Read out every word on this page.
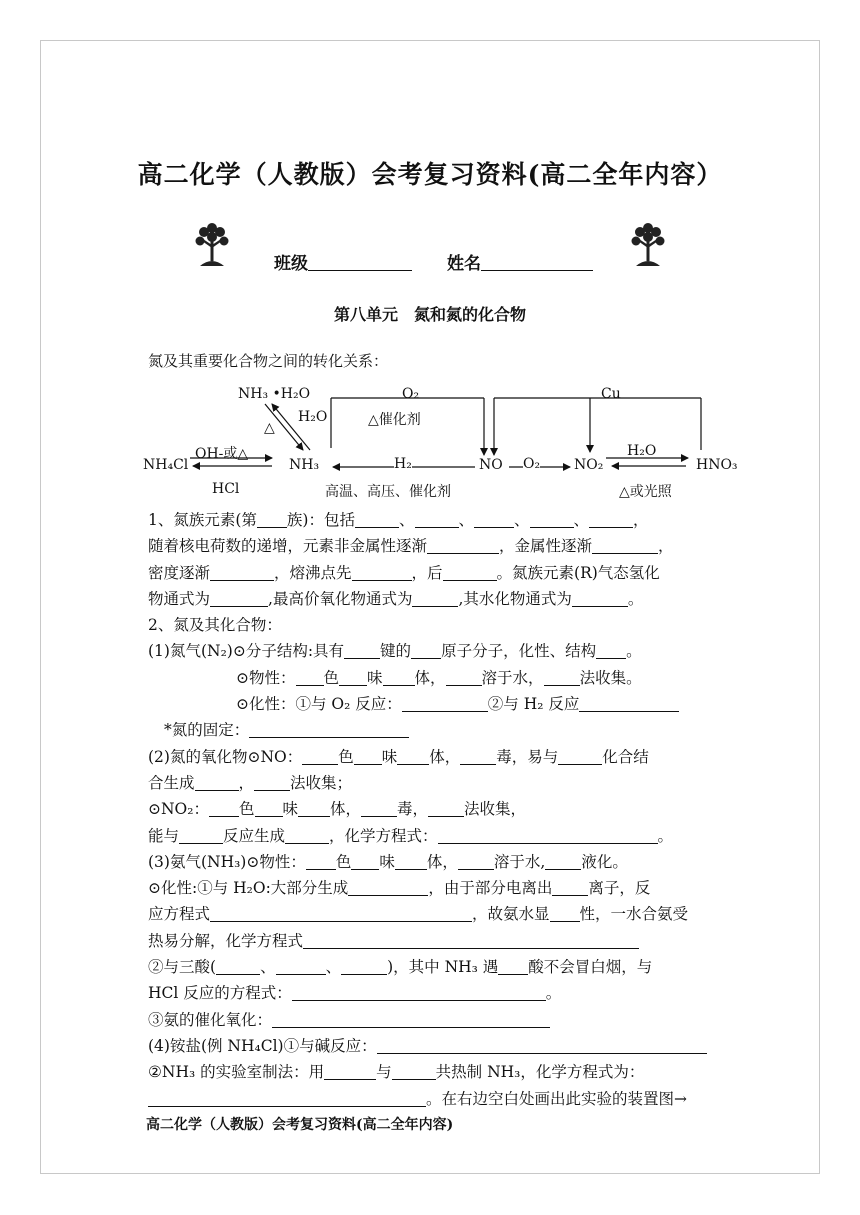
高二化学（人教版）会考复习资料(高二全年内容）
班级	姓名
第八单元　氮和氮的化合物
氮及其重要化合物之间的转化关系：
NH₃ •H₂O
H₂O
△
O₂
△催化剂
Cu
OH-或△	H₂O
NH₄Cl	NH₃	H₂	NO O₂ NO₂	HNO₃
HCl	高温、高压、催化剂	△或光照
1、氮族元素(第 族)：包括	、	、	、	、	，
随着核电荷数的递增，元素非金属性逐渐	，金属性逐渐	，
密度逐渐	，熔沸点先	，后	。氮族元素(R)气态氢化
物通式为	,最高价氧化物通式为	,其水化物通式为	。
2、氮及其化合物：
(1)氮气(N₂)⊙分子结构:具有 键的 原子分子，化性、结构 。
⊙物性： 色 味 体， 溶于水， 法收集。
⊙化性：①与 O₂ 反应：	②与 H₂ 反应
*氮的固定：
(2)氮的氧化物⊙NO： 色 味 体， 毒，易与	化合结
合生成	， 法收集；
⊙NO₂： 色 味 体， 毒， 法收集，
能与	反应生成	，化学方程式：	。
(3)氨气(NH₃)⊙物性： 色 味 体， 溶于水, 液化。
⊙化性:①与 H₂O:大部分生成	，由于部分电离出 离子，反
应方程式	，故氨水显 性，一水合氨受
热易分解，化学方程式
②与三酸(	、	、	)，其中 NH₃ 遇 酸不会冒白烟，与
HCl 反应的方程式：	。
③氨的催化氧化：
(4)铵盐(例 NH₄Cl)①与碱反应：
②NH₃ 的实验室制法：用	与	共热制 NH₃，化学方程式为：
。在右边空白处画出此实验的装置图→
高二化学（人教版）会考复习资料(高二全年内容)
